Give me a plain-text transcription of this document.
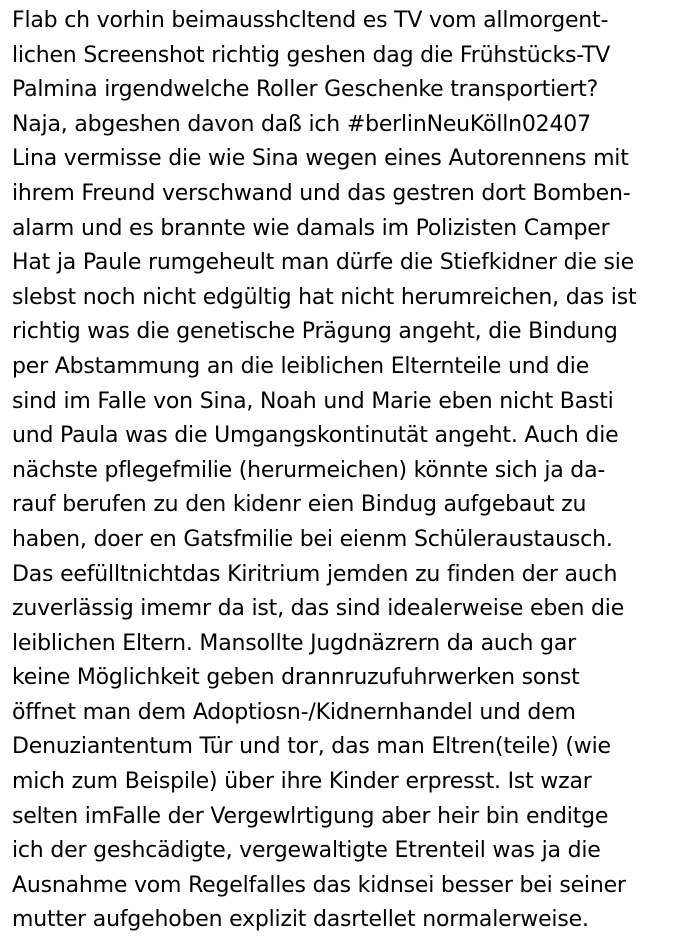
Flab ch vorhin beimausshcltend es TV vom allmorgent-
lichen Screenshot richtig geshen dag die Frühstücks-TV
Palmina irgendwelche Roller Geschenke transportiert?
Naja, abgeshen davon daß ich #berlinNeuKölln02407
Lina vermisse die wie Sina wegen eines Autorennens mit
ihrem Freund verschwand und das gestren dort Bomben-
alarm und es brannte wie damals im Polizisten Camper
Hat ja Paule rumgeheult man dürfe die Stiefkidner die sie
slebst noch nicht edgültig hat nicht herumreichen, das ist
richtig was die genetische Prägung angeht, die Bindung
per Abstammung an die leiblichen Elternteile und die
sind im Falle von Sina, Noah und Marie eben nicht Basti
und Paula was die Umgangskontinutät angeht. Auch die
nächste pflegefmilie (herurmeichen) könnte sich ja da-
rauf berufen zu den kidenr eien Bindug aufgebaut zu
haben, doer en Gatsfmilie bei eienm Schüleraustausch.
Das eefülltnichtdas Kiritrium jemden zu finden der auch
zuverlässig imemr da ist, das sind idealerweise eben die
leiblichen Eltern. Mansollte Jugdnäzrern da auch gar
keine Möglichkeit geben drannruzufuhrwerken sonst
öffnet man dem Adoptiosn-/Kidnernhandel und dem
Denuziantentum Tür und tor, das man Eltren(teile) (wie
mich zum Beispile) über ihre Kinder erpresst. Ist wzar
selten imFalle der Vergewlrtigung aber heir bin enditge
ich der geshcädigte, vergewaltigte Etrenteil was ja die
Ausnahme vom Regelfalles das kidnsei besser bei seiner
mutter aufgehoben explizit dasrtellet normalerweise.
